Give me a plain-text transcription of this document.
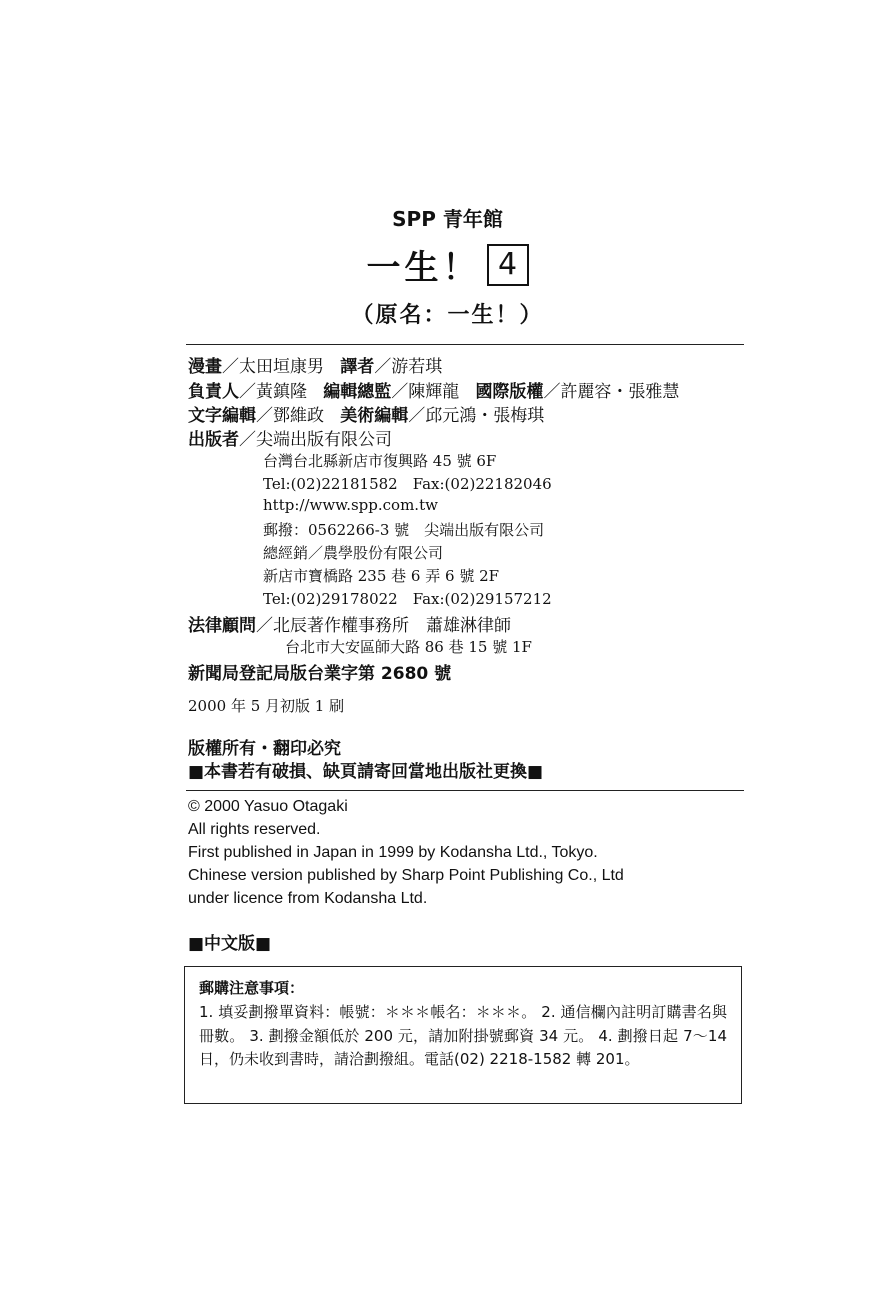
SPP 青年館
一生！ 4
（原名：一生！）
漫畫／太田垣康男 譯者／游若琪
負責人／黃鎮隆 編輯總監／陳輝龍 國際版權／許麗容・張雅慧
文字編輯／鄧維政 美術編輯／邱元鴻・張梅琪
出版者／尖端出版有限公司
台灣台北縣新店市復興路 45 號 6F
Tel:(02)22181582　Fax:(02)22182046
http://www.spp.com.tw
郵撥：0562266-3 號　尖端出版有限公司
總經銷／農學股份有限公司
新店市寶橋路 235 巷 6 弄 6 號 2F
Tel:(02)29178022　Fax:(02)29157212
法律顧問／北辰著作權事務所　蕭雄淋律師
台北市大安區師大路 86 巷 15 號 1F
新聞局登記局版台業字第 2680 號
2000 年 5 月初版 1 刷
版權所有・翻印必究
■本書若有破損、缺頁請寄回當地出版社更換■
© 2000 Yasuo Otagaki
All rights reserved.
First published in Japan in 1999 by Kodansha Ltd., Tokyo.
Chinese version published by Sharp Point Publishing Co., Ltd
under licence from Kodansha Ltd.
■中文版■
郵購注意事項：
1. 填妥劃撥單資料：帳號：＊＊＊帳名：＊＊＊。 2. 通信欄內註明訂購書名與冊數。 3. 劃撥金額低於 200 元，請加附掛號郵資 34 元。 4. 劃撥日起 7～14 日，仍未收到書時，請洽劃撥組。電話(02) 2218-1582 轉 201。
